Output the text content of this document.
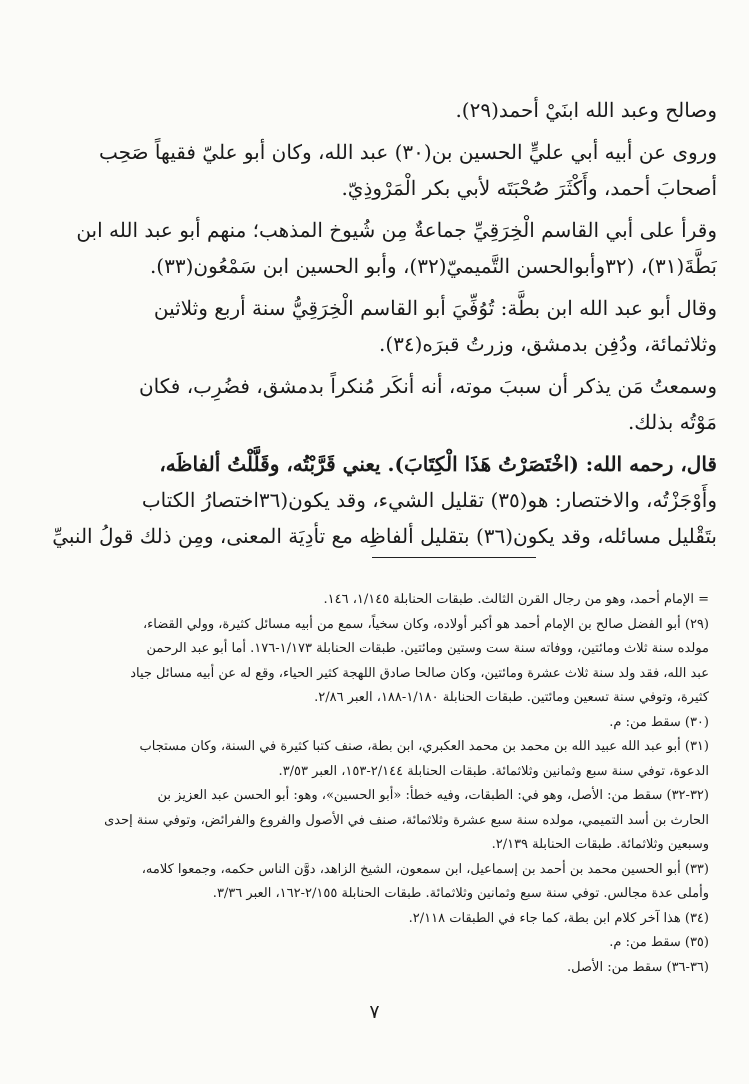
وصالح وعبد الله ابنَيْ أحمد(٢٩).
وروى عن أبيه أبي عليٍّ الحسين بن(٣٠) عبد الله، وكان أبو عليّ فقيهاً صَحِب
أصحابَ أحمد، وأَكْثَرَ صُحْبَتَه لأبي بكر الْمَرْوذِيّ.
وقرأ على أبي القاسم الْخِرَقِيِّ جماعةٌ مِن شُيوخ المذهب؛ منهم أبو عبد الله ابن
بَطَّةَ(٣١)، (٣٢وأبوالحسن التَّميميّ(٣٢)، وأبو الحسين ابن سَمْعُون(٣٣).
وقال أبو عبد الله ابن بطَّة: تُوُفِّيَ أبو القاسم الْخِرَقِيُّ سنة أربع وثلاثين
وثلاثمائة، ودُفِن بدمشق، وزرتُ قبرَه(٣٤).
وسمعتُ مَن يذكر أن سببَ موته، أنه أنكَر مُنكراً بدمشق، فضُرِب، فكان
مَوْتُه بذلك.
قال، رحمه الله: (اخْتَصَرْتُ هَذَا الْكِتَابَ). يعني قَرَّبْتُه، وقَلَّلْتُ ألفاظَه،
وأَوْجَزْتُه، والاختصار: هو(٣٥) تقليل الشيء، وقد يكون(٣٦اختصارُ الكتاب
بتَقْليل مسائله، وقد يكون(٣٦) بتقليل ألفاظِه مع تأدِيَة المعنى، ومِن ذلك قولُ النبيِّ
= الإمام أحمد، وهو من رجال القرن الثالث. طبقات الحنابلة ١/١٤٥، ١٤٦.
(٢٩) أبو الفضل صالح بن الإمام أحمد هو أكبر أولاده، وكان سخياً، سمع من أبيه مسائل كثيرة، وولي القضاء،
مولده سنة ثلاث ومائتين، ووفاته سنة ست وستين ومائتين. طبقات الحنابلة ١/١٧٣-١٧٦. أما أبو عبد الرحمن
عبد الله، فقد ولد سنة ثلاث عشرة ومائتين، وكان صالحا صادق اللهجة كثير الحياء، وقع له عن أبيه مسائل جياد
كثيرة، وتوفي سنة تسعين ومائتين. طبقات الحنابلة ١/١٨٠-١٨٨، العبر ٢/٨٦.
(٣٠) سقط من: م.
(٣١) أبو عبد الله عبيد الله بن محمد بن محمد العكبري، ابن بطة، صنف كتبا كثيرة في السنة، وكان مستجاب
الدعوة، توفي سنة سبع وثمانين وثلاثمائة. طبقات الحنابلة ٢/١٤٤-١٥٣، العبر ٣/٥٣.
(٣٢-٣٢) سقط من: الأصل، وهو في: الطبقات، وفيه خطأ: «أبو الحسين»، وهو: أبو الحسن عبد العزيز بن
الحارث بن أسد التميمي، مولده سنة سبع عشرة وثلاثمائة، صنف في الأصول والفروع والفرائض، وتوفي سنة إحدى
وسبعين وثلاثمائة. طبقات الحنابلة ٢/١٣٩.
(٣٣) أبو الحسين محمد بن أحمد بن إسماعيل، ابن سمعون، الشيخ الزاهد، دوَّن الناس حكمه، وجمعوا كلامه،
وأملى عدة مجالس. توفي سنة سبع وثمانين وثلاثمائة. طبقات الحنابلة ٢/١٥٥-١٦٢، العبر ٣/٣٦.
(٣٤) هذا آخر كلام ابن بطة، كما جاء في الطبقات ٢/١١٨.
(٣٥) سقط من: م.
(٣٦-٣٦) سقط من: الأصل.
٧
